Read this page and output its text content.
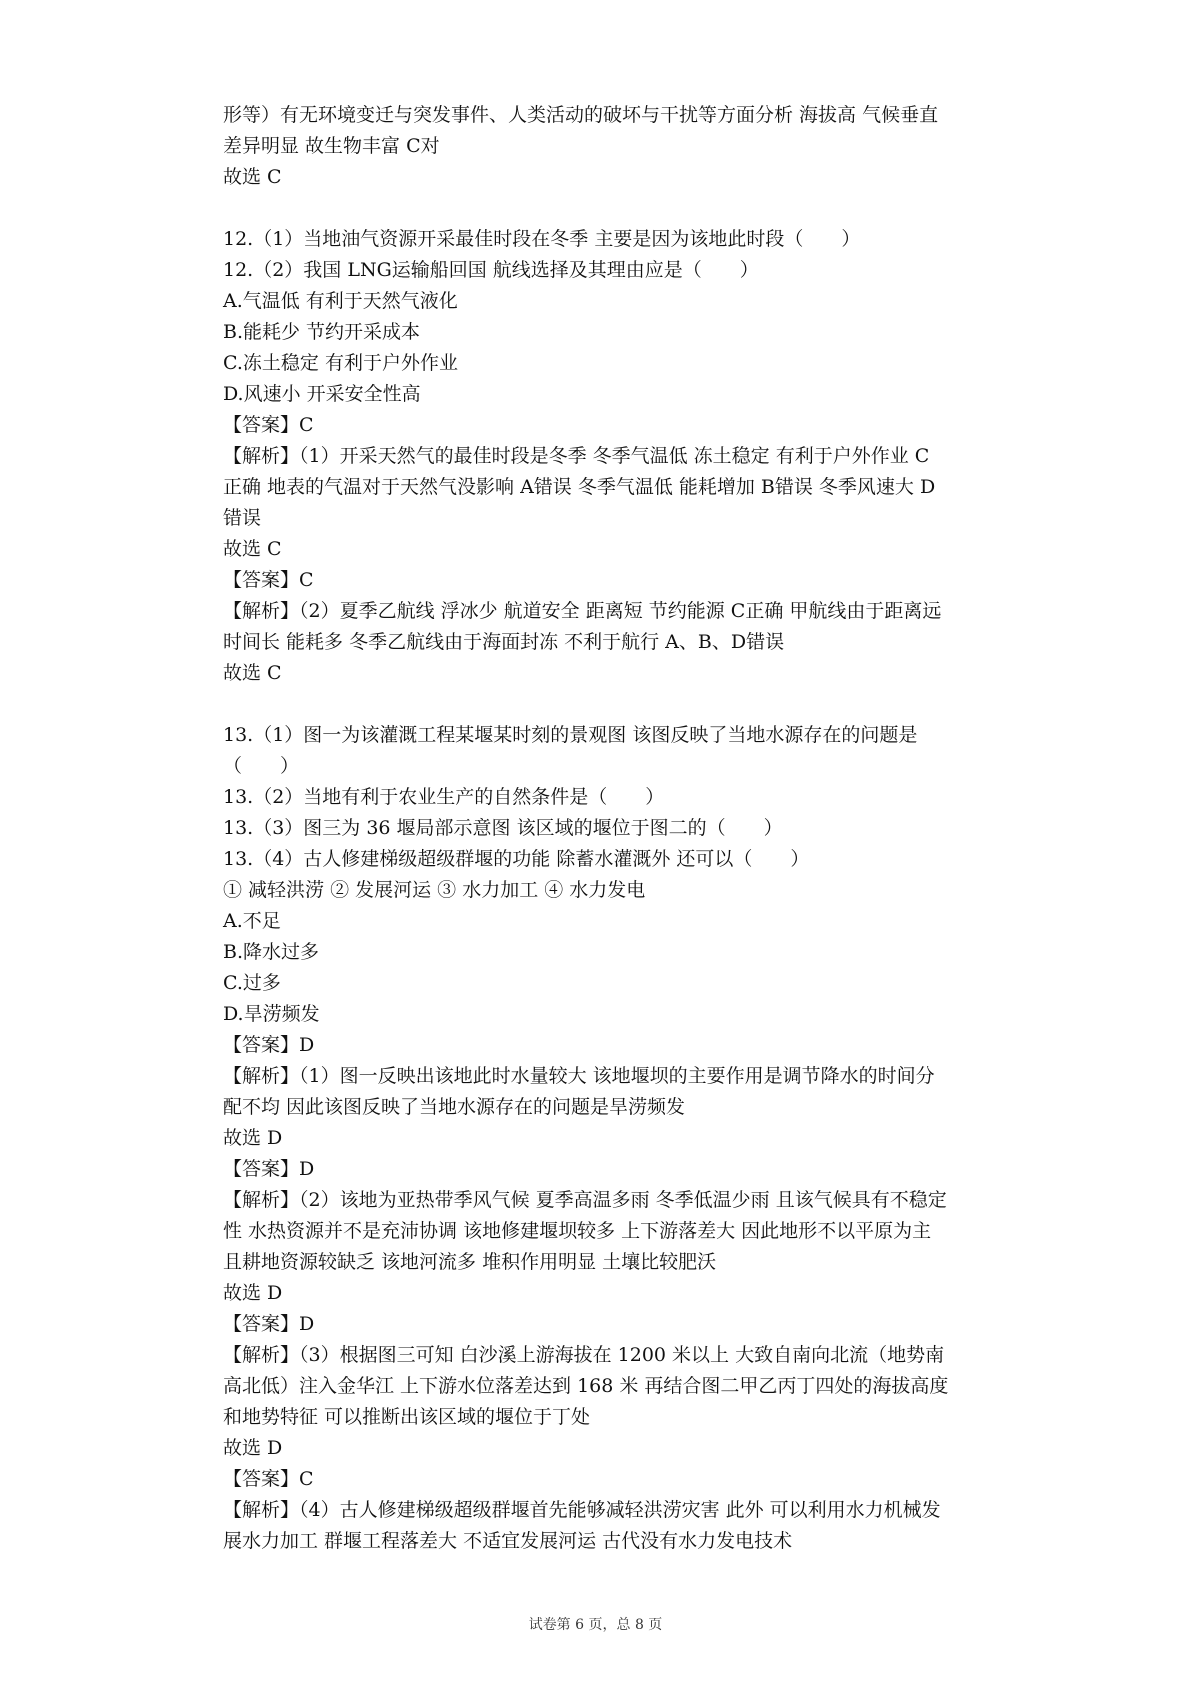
形等）有无环境变迁与突发事件、人类活动的破坏与干扰等方面分析 海拔高 气候垂直
差异明显 故生物丰富 C对
故选 C
12.（1）当地油气资源开采最佳时段在冬季 主要是因为该地此时段（　　）
12.（2）我国 LNG运输船回国 航线选择及其理由应是（　　）
A.气温低 有利于天然气液化
B.能耗少 节约开采成本
C.冻土稳定 有利于户外作业
D.风速小 开采安全性高
【答案】C
【解析】（1）开采天然气的最佳时段是冬季 冬季气温低 冻土稳定 有利于户外作业 C
正确 地表的气温对于天然气没影响 A错误 冬季气温低 能耗增加 B错误 冬季风速大 D
错误
故选 C
【答案】C
【解析】（2）夏季乙航线 浮冰少 航道安全 距离短 节约能源 C正确 甲航线由于距离远
时间长 能耗多 冬季乙航线由于海面封冻 不利于航行 A、B、D错误
故选 C
13.（1）图一为该灌溉工程某堰某时刻的景观图 该图反映了当地水源存在的问题是
（　　）
13.（2）当地有利于农业生产的自然条件是（　　）
13.（3）图三为 36 堰局部示意图 该区域的堰位于图二的（　　）
13.（4）古人修建梯级超级群堰的功能 除蓄水灌溉外 还可以（　　）
① 减轻洪涝 ② 发展河运 ③ 水力加工 ④ 水力发电
A.不足
B.降水过多
C.过多
D.旱涝频发
【答案】D
【解析】（1）图一反映出该地此时水量较大 该地堰坝的主要作用是调节降水的时间分
配不均 因此该图反映了当地水源存在的问题是旱涝频发
故选 D
【答案】D
【解析】（2）该地为亚热带季风气候 夏季高温多雨 冬季低温少雨 且该气候具有不稳定
性 水热资源并不是充沛协调 该地修建堰坝较多 上下游落差大 因此地形不以平原为主
且耕地资源较缺乏 该地河流多 堆积作用明显 土壤比较肥沃
故选 D
【答案】D
【解析】（3）根据图三可知 白沙溪上游海拔在 1200 米以上 大致自南向北流（地势南
高北低）注入金华江 上下游水位落差达到 168 米 再结合图二甲乙丙丁四处的海拔高度
和地势特征 可以推断出该区域的堰位于丁处
故选 D
【答案】C
【解析】（4）古人修建梯级超级群堰首先能够减轻洪涝灾害 此外 可以利用水力机械发
展水力加工 群堰工程落差大 不适宜发展河运 古代没有水力发电技术
试卷第 6 页，总 8 页
